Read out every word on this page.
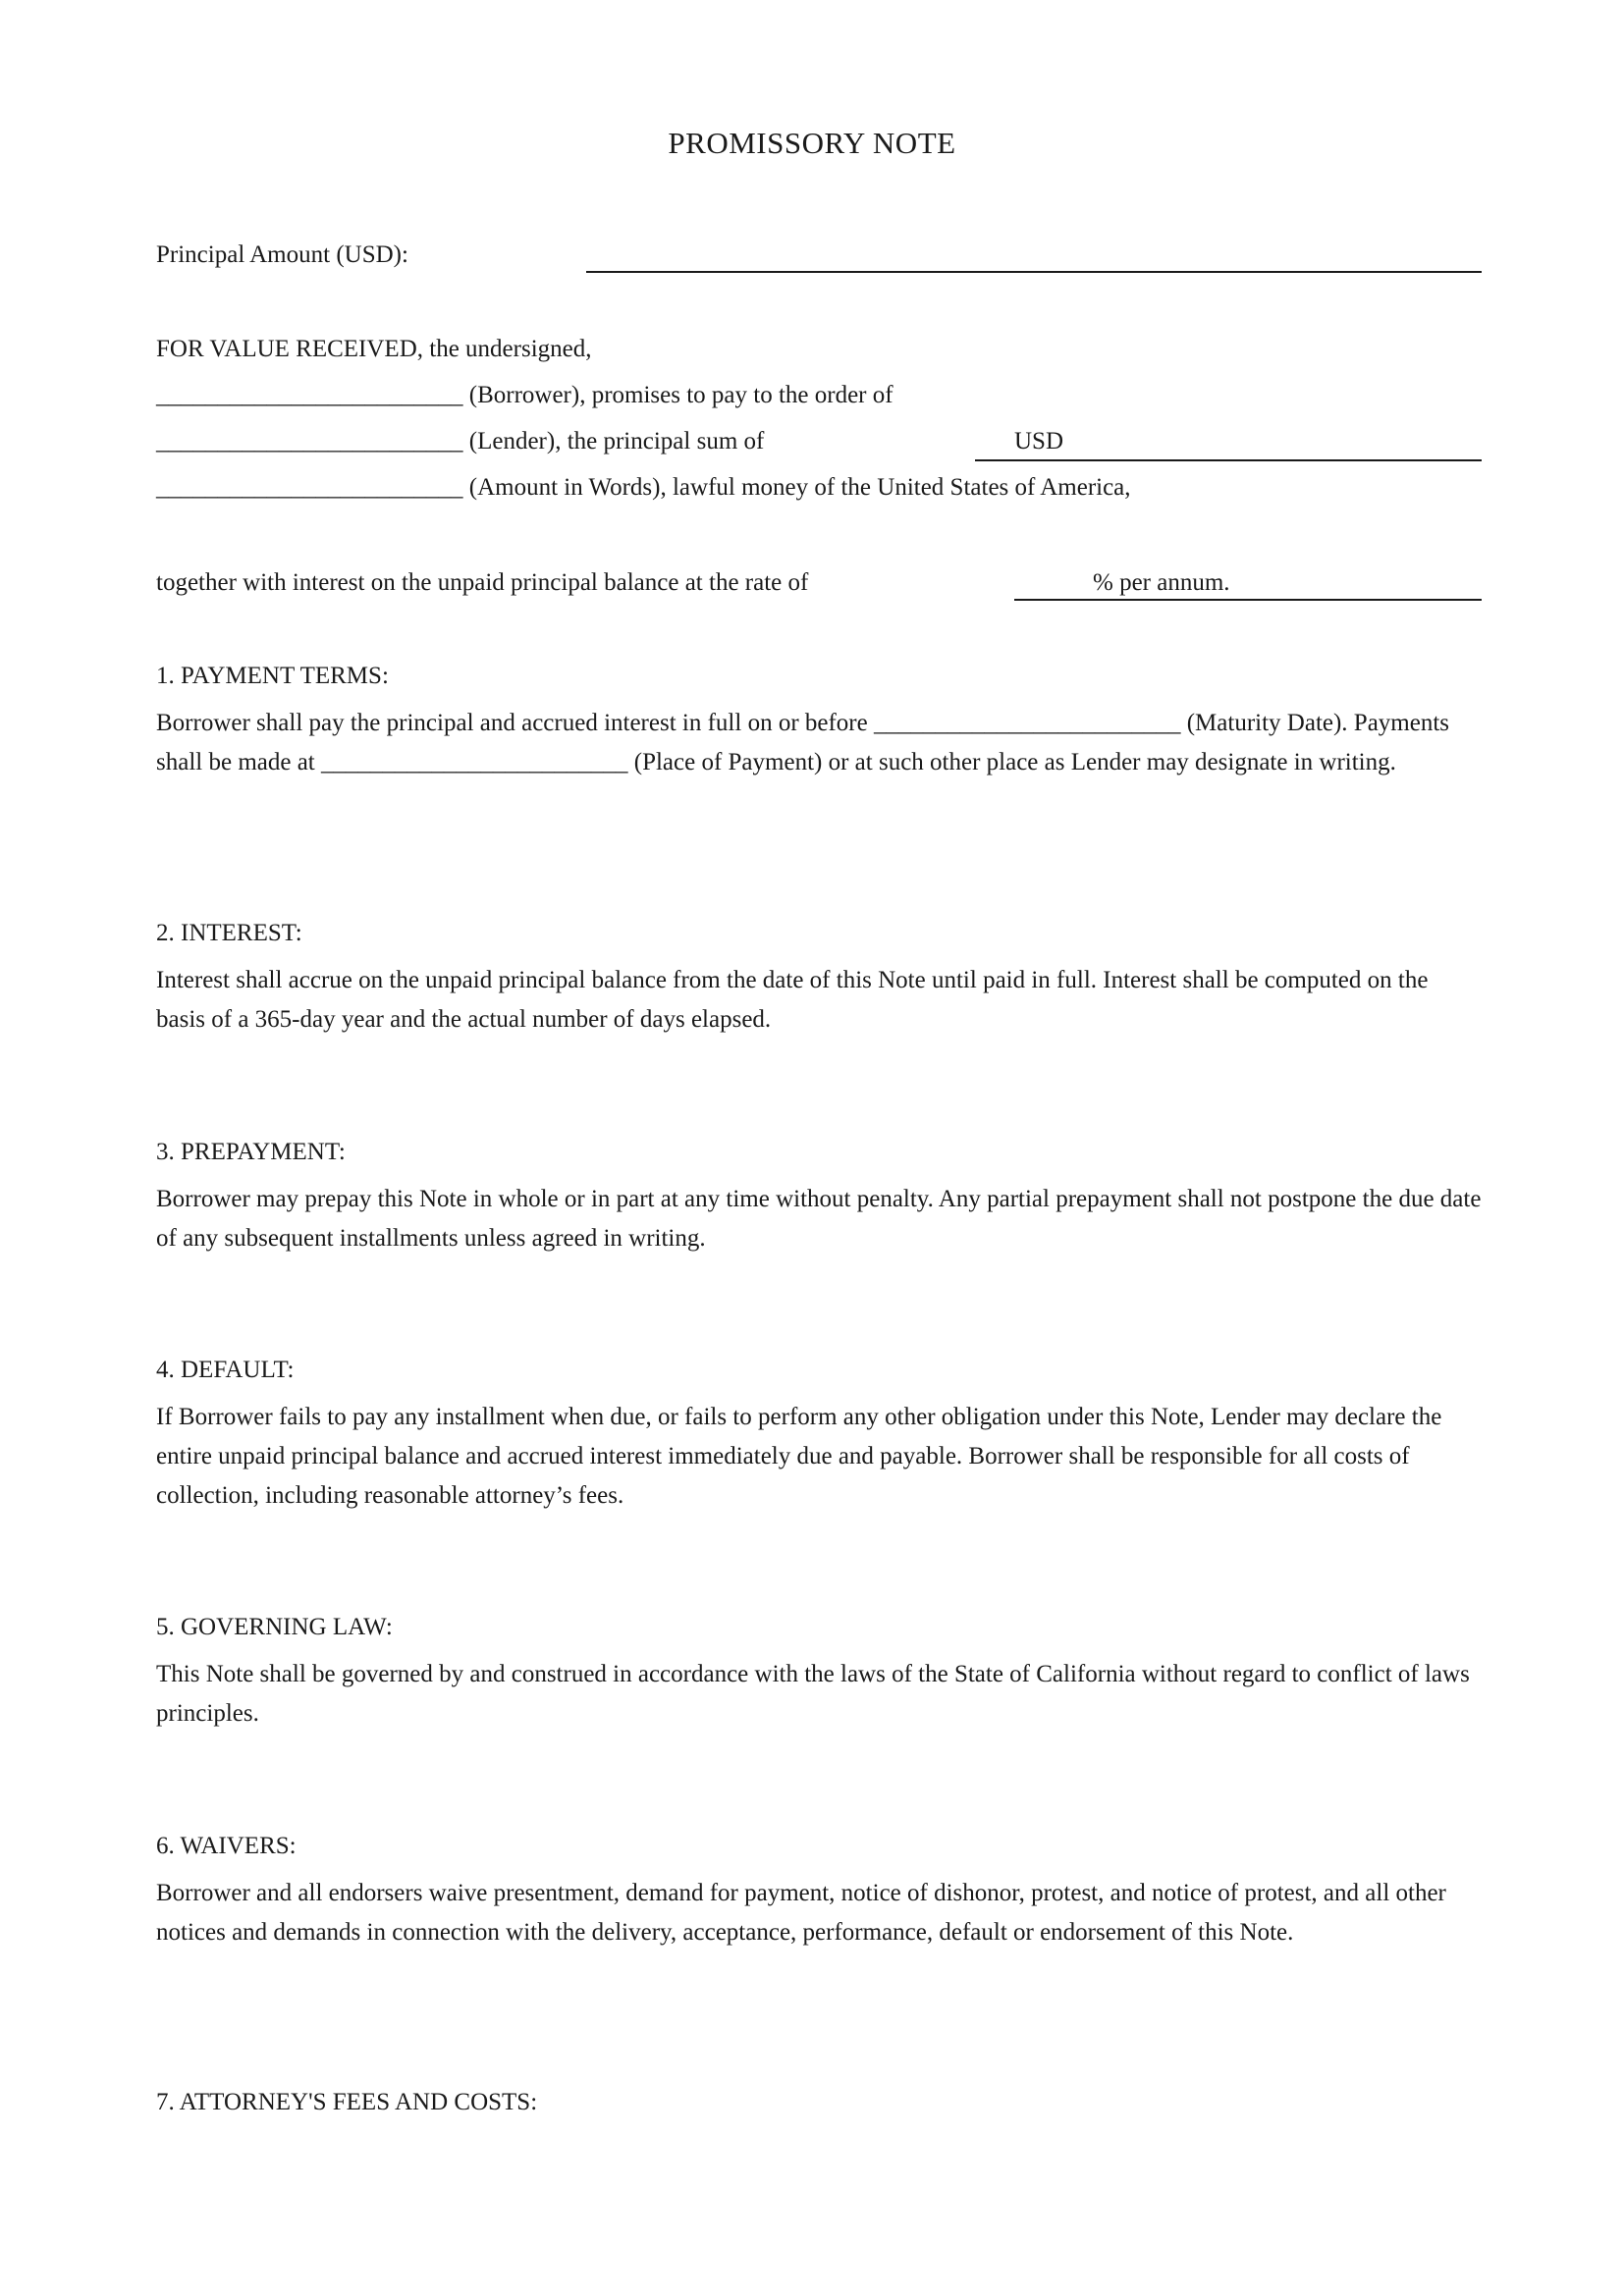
PROMISSORY NOTE
Principal Amount (USD):
FOR VALUE RECEIVED, the undersigned,
_________________________ (Borrower), promises to pay to the order of
_________________________ (Lender), the principal sum of	USD
_________________________ (Amount in Words), lawful money of the United States of America,
together with interest on the unpaid principal balance at the rate of	% per annum.
1. PAYMENT TERMS:
Borrower shall pay the principal and accrued interest in full on or before _________________________ (Maturity Date). Payments shall be made at _________________________ (Place of Payment) or at such other place as Lender may designate in writing.
2. INTEREST:
Interest shall accrue on the unpaid principal balance from the date of this Note until paid in full. Interest shall be computed on the basis of a 365-day year and the actual number of days elapsed.
3. PREPAYMENT:
Borrower may prepay this Note in whole or in part at any time without penalty. Any partial prepayment shall not postpone the due date of any subsequent installments unless agreed in writing.
4. DEFAULT:
If Borrower fails to pay any installment when due, or fails to perform any other obligation under this Note, Lender may declare the entire unpaid principal balance and accrued interest immediately due and payable. Borrower shall be responsible for all costs of collection, including reasonable attorney’s fees.
5. GOVERNING LAW:
This Note shall be governed by and construed in accordance with the laws of the State of California without regard to conflict of laws principles.
6. WAIVERS:
Borrower and all endorsers waive presentment, demand for payment, notice of dishonor, protest, and notice of protest, and all other notices and demands in connection with the delivery, acceptance, performance, default or endorsement of this Note.
7. ATTORNEY'S FEES AND COSTS:
